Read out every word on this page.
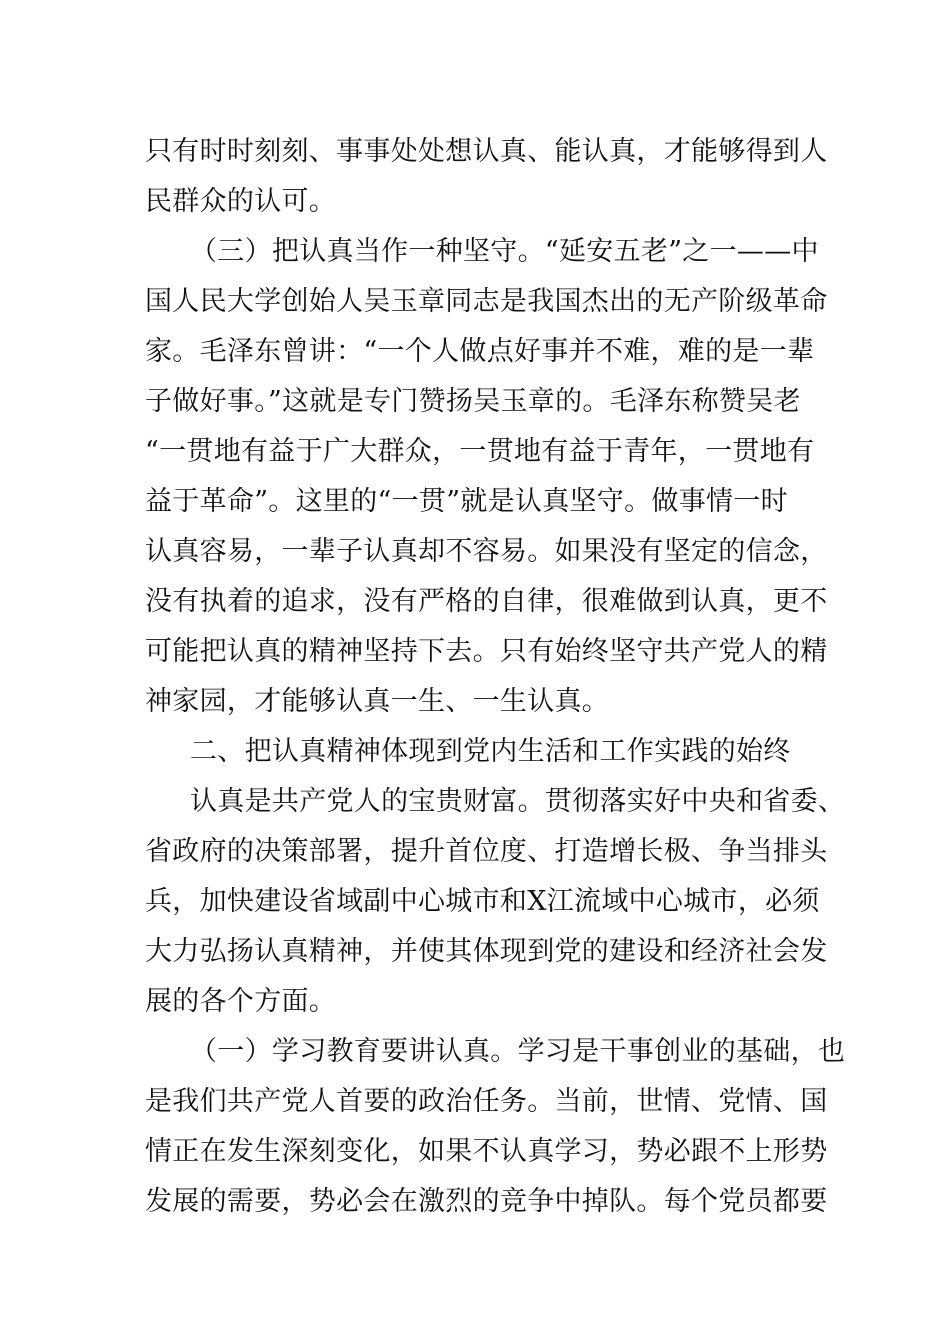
只有时时刻刻、事事处处想认真、能认真，才能够得到人
民群众的认可。
（三）把认真当作一种坚守。“延安五老”之一——中
国人民大学创始人吴玉章同志是我国杰出的无产阶级革命
家。毛泽东曾讲：“一个人做点好事并不难，难的是一辈
子做好事。”这就是专门赞扬吴玉章的。毛泽东称赞吴老
“一贯地有益于广大群众，一贯地有益于青年，一贯地有
益于革命”。这里的“一贯”就是认真坚守。做事情一时
认真容易，一辈子认真却不容易。如果没有坚定的信念，
没有执着的追求，没有严格的自律，很难做到认真，更不
可能把认真的精神坚持下去。只有始终坚守共产党人的精
神家园，才能够认真一生、一生认真。
二、把认真精神体现到党内生活和工作实践的始终
认真是共产党人的宝贵财富。贯彻落实好中央和省委、
省政府的决策部署，提升首位度、打造增长极、争当排头
兵，加快建设省域副中心城市和X江流域中心城市，必须
大力弘扬认真精神，并使其体现到党的建设和经济社会发
展的各个方面。
（一）学习教育要讲认真。学习是干事创业的基础，也
是我们共产党人首要的政治任务。当前，世情、党情、国
情正在发生深刻变化，如果不认真学习，势必跟不上形势
发展的需要，势必会在激烈的竞争中掉队。每个党员都要
